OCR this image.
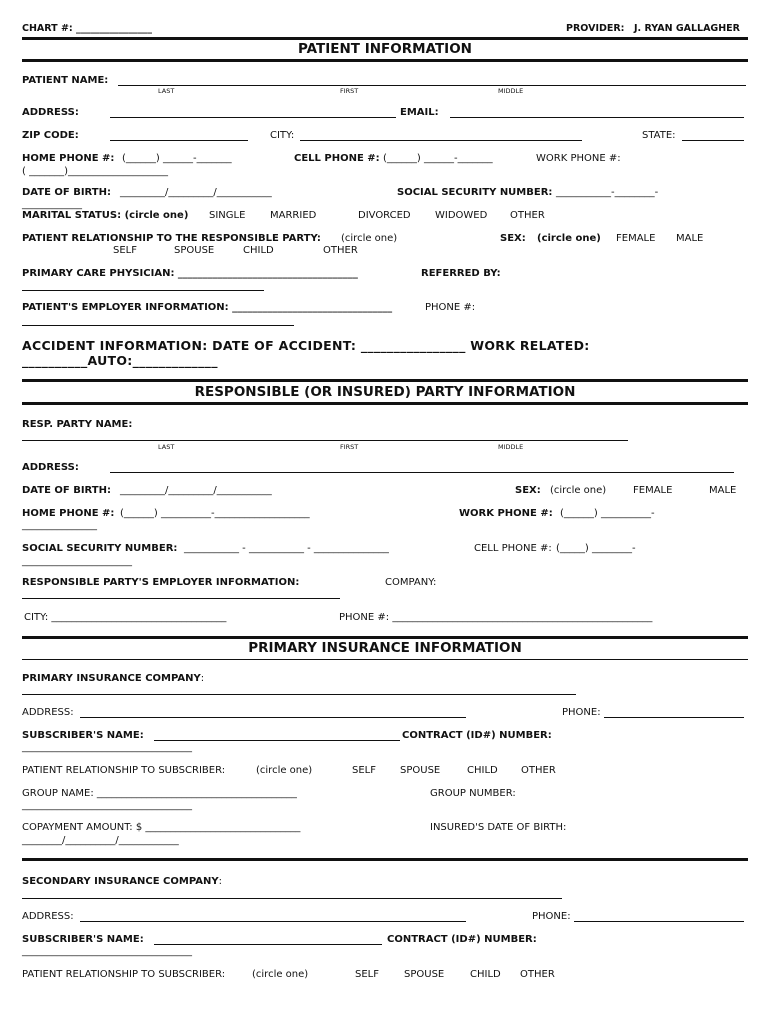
CHART #: ________________	PROVIDER: J. RYAN GALLAGHER
PATIENT INFORMATION
PATIENT NAME:
LAST	FIRST	MIDDLE
ADDRESS:	EMAIL:
ZIP CODE:	CITY:	STATE:
HOME PHONE #: (______) ______-_______	CELL PHONE #: (______) ______-_______	WORK PHONE #:
( _______)____________________
DATE OF BIRTH: _________/_________/___________	SOCIAL SECURITY NUMBER: ___________-________-
____________
MARITAL STATUS: (circle one) SINGLE MARRIED	DIVORCED WIDOWED OTHER
PATIENT RELATIONSHIP TO THE RESPONSIBLE PARTY: (circle one)	SEX: (circle one) FEMALE MALE
SELF	SPOUSE	CHILD	OTHER
PRIMARY CARE PHYSICIAN: ____________________________________	REFERRED BY:
PATIENT'S EMPLOYER INFORMATION: ________________________________	PHONE #:
ACCIDENT INFORMATION: DATE OF ACCIDENT: ________________ WORK RELATED:
__________AUTO:_____________
RESPONSIBLE (OR INSURED) PARTY INFORMATION
RESP. PARTY NAME:
LAST	FIRST	MIDDLE
ADDRESS:
DATE OF BIRTH: _________/_________/___________	SEX: (circle one)	FEMALE	MALE
HOME PHONE #: (______) __________-___________________
_______________
WORK PHONE #: (______) __________-
SOCIAL SECURITY NUMBER: ___________ - ___________ - _______________
______________________
CELL PHONE #: (_____) ________-
RESPONSIBLE PARTY'S EMPLOYER INFORMATION:	COMPANY:
CITY: ___________________________________	PHONE #: ____________________________________________________
PRIMARY INSURANCE INFORMATION
PRIMARY INSURANCE COMPANY:
ADDRESS:	PHONE:
SUBSCRIBER'S NAME:	CONTRACT (ID#) NUMBER:
__________________________________
PATIENT RELATIONSHIP TO SUBSCRIBER:	(circle one)	SELF SPOUSE	CHILD OTHER
GROUP NAME: ________________________________________
__________________________________
GROUP NUMBER:
COPAYMENT AMOUNT: $ _______________________________	INSURED'S DATE OF BIRTH:
________/__________/____________
SECONDARY INSURANCE COMPANY:
ADDRESS:	PHONE:
SUBSCRIBER'S NAME:	CONTRACT (ID#) NUMBER:
__________________________________
PATIENT RELATIONSHIP TO SUBSCRIBER:	(circle one)	SELF	SPOUSE	CHILD OTHER
